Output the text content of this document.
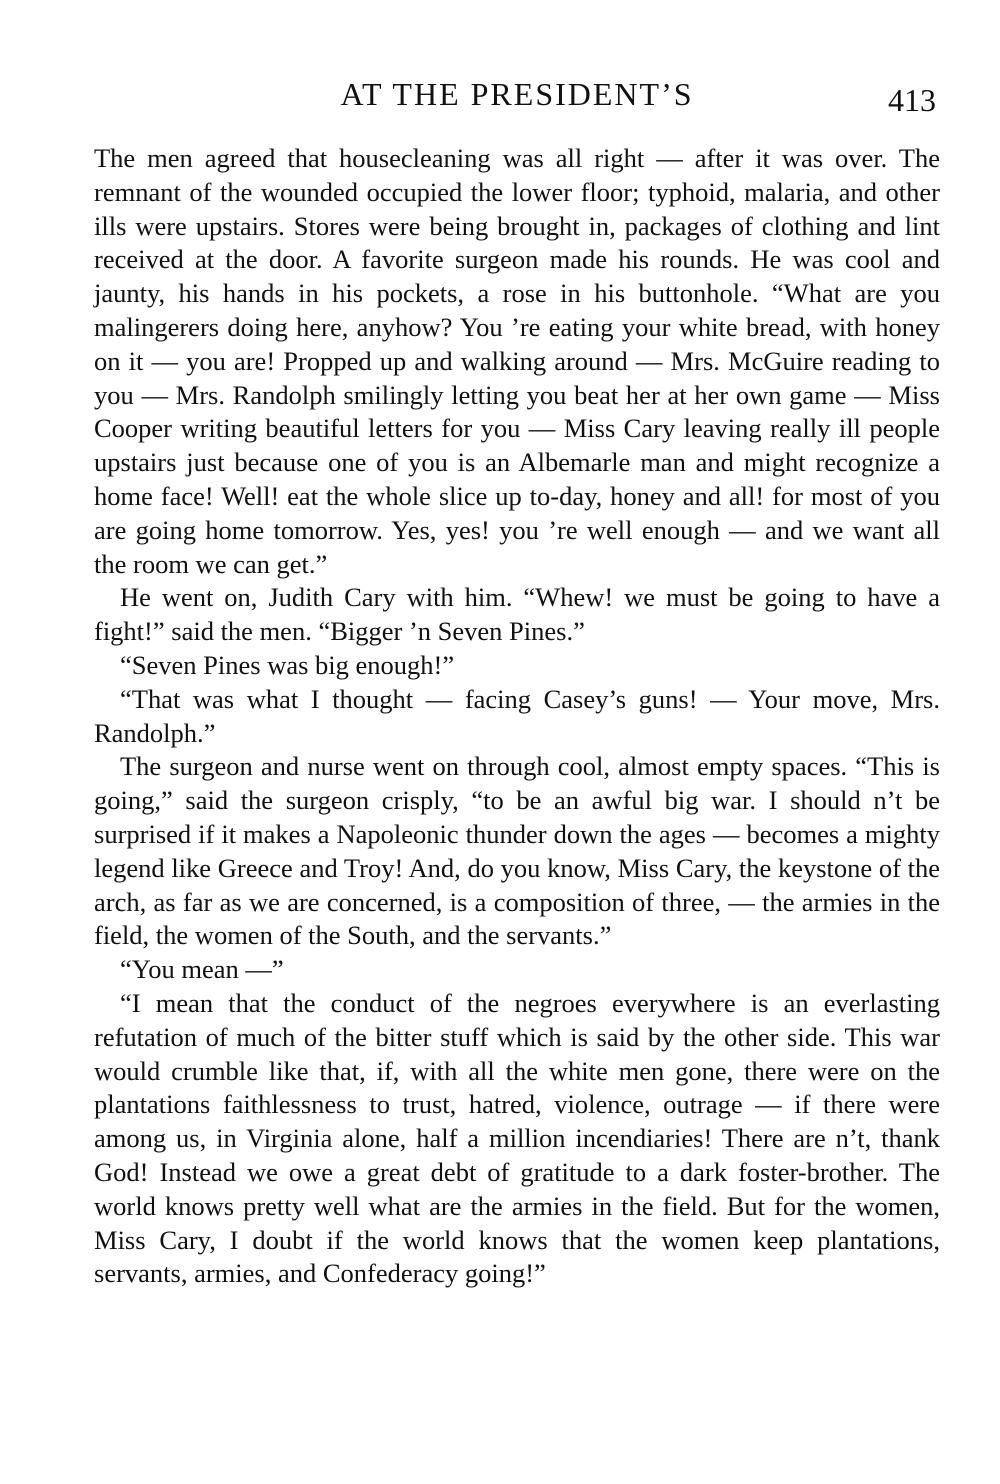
AT THE PRESIDENT’S	413

The men agreed that housecleaning was all right — after it was over. The remnant of the wounded occupied the lower floor; typhoid, malaria, and other ills were upstairs. Stores were being brought in, packages of clothing and lint received at the door. A favorite surgeon made his rounds. He was cool and jaunty, his hands in his pockets, a rose in his buttonhole. “What are you malingerers doing here, anyhow? You ’re eating your white bread, with honey on it — you are! Propped up and walking around — Mrs. McGuire reading to you — Mrs. Randolph smilingly letting you beat her at her own game — Miss Cooper writing beautiful letters for you — Miss Cary leaving really ill people upstairs just because one of you is an Albemarle man and might recognize a home face! Well! eat the whole slice up to-day, honey and all! for most of you are going home tomorrow. Yes, yes! you ’re well enough — and we want all the room we can get.”

He went on, Judith Cary with him. “Whew! we must be going to have a fight!” said the men. “Bigger ’n Seven Pines.”

“Seven Pines was big enough!”

“That was what I thought — facing Casey’s guns! — Your move, Mrs. Randolph.”

The surgeon and nurse went on through cool, almost empty spaces. “This is going,” said the surgeon crisply, “to be an awful big war. I should n’t be surprised if it makes a Napoleonic thunder down the ages — becomes a mighty legend like Greece and Troy! And, do you know, Miss Cary, the keystone of the arch, as far as we are concerned, is a composition of three, — the armies in the field, the women of the South, and the servants.”

“You mean —”

“I mean that the conduct of the negroes everywhere is an everlasting refutation of much of the bitter stuff which is said by the other side. This war would crumble like that, if, with all the white men gone, there were on the plantations faithlessness to trust, hatred, violence, outrage — if there were among us, in Virginia alone, half a million incendiaries! There are n’t, thank God! Instead we owe a great debt of gratitude to a dark foster-brother. The world knows pretty well what are the armies in the field. But for the women, Miss Cary, I doubt if the world knows that the women keep plantations, servants, armies, and Confederacy going!”
